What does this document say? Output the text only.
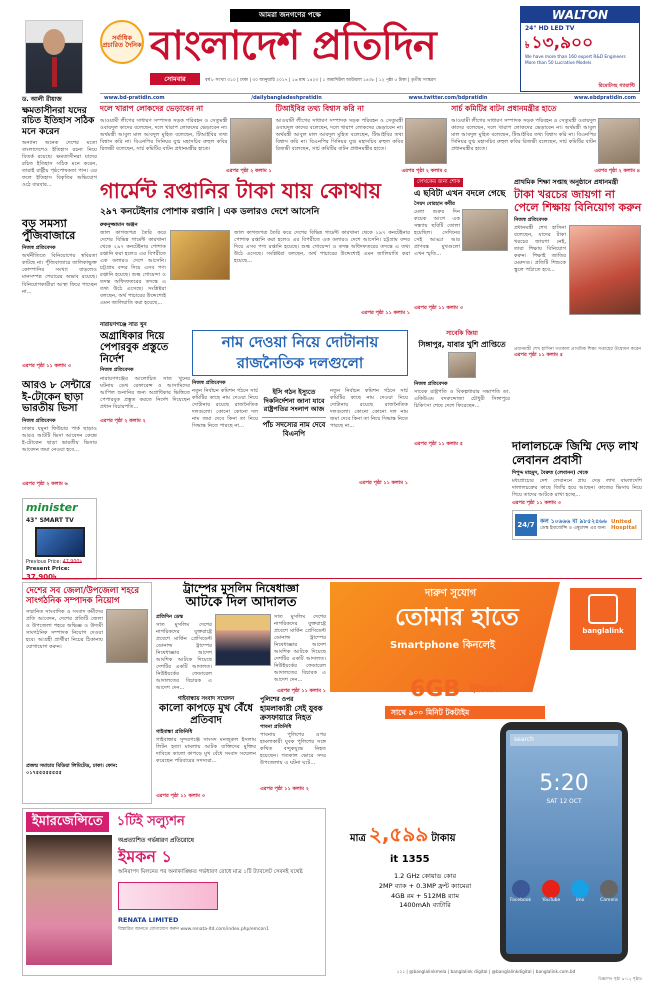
সর্বাধিক প্রচারিত দৈনিক
আমরা জনগণের পক্ষে
বাংলাদেশ প্রতিদিন
সোমবার	বর্ষ ৮ সংখ্যা ৩১০ | ঢাকা | ৩০ জানুয়ারি ২০১৭ | ১৬ মাঘ ১৪২৩ | ১ জমাদিউল আউয়াল ১৪৩৮ | ১২ পৃষ্ঠা ৫ টাকা | তৃতীয় সংস্করণ
WALTON
24" HD LED TV
৳ ১৩,৯০০
We have more than 160 expert R&D Engineers
More than 50 Lucrative Models
রিমোটসহ গ্যারান্টি
www.bd-pratidin.com	/dailybangladeshpratidin	www.twitter.com/bdpratidin	www.ebdpratidin.com
ড. আলী রীয়াজ
ক্ষমতাসীনরা যদের রচিত ইতিহাস সঠিক মনে করেন
অন্যান্য অনেক দেশের মতো বাংলাদেশেও ইতিহাস রচনা নিয়ে বিতর্ক রয়েছে। ক্ষমতাসীনরা যাদের রচিত ইতিহাস সঠিক মনে করেন, তারাই রাষ্ট্রীয় পৃষ্ঠপোষকতা পান। এর ফলে ইতিহাস বিকৃতির অভিযোগ ওঠে বারবার...
দলে খারাপ লোকদের ভেড়াবেন না	টিআইবির তথ্য বিশ্বাস করি না	সার্চ কমিটির বাটন প্রধানমন্ত্রীর হাতে
আওয়ামী লীগের সাধারণ সম্পাদক সড়ক পরিবহন ও সেতুমন্ত্রী ওবায়দুল কাদের বলেছেন, দলে খারাপ লোকদের ভেড়াবেন না। অর্থমন্ত্রী আবুল মাল আবদুল মুহিত বলেছেন, টিআইবির তথ্য বিশ্বাস করি না। বিএনপির সিনিয়র যুগ্ম মহাসচিব রুহুল কবির রিজভী বলেছেন, সার্চ কমিটির বাটন প্রধানমন্ত্রীর হাতে।
আওয়ামী লীগের সাধারণ সম্পাদক সড়ক পরিবহন ও সেতুমন্ত্রী ওবায়দুল কাদের বলেছেন, দলে খারাপ লোকদের ভেড়াবেন না। অর্থমন্ত্রী আবুল মাল আবদুল মুহিত বলেছেন, টিআইবির তথ্য বিশ্বাস করি না। বিএনপির সিনিয়র যুগ্ম মহাসচিব রুহুল কবির রিজভী বলেছেন, সার্চ কমিটির বাটন প্রধানমন্ত্রীর হাতে।
আওয়ামী লীগের সাধারণ সম্পাদক সড়ক পরিবহন ও সেতুমন্ত্রী ওবায়দুল কাদের বলেছেন, দলে খারাপ লোকদের ভেড়াবেন না। অর্থমন্ত্রী আবুল মাল আবদুল মুহিত বলেছেন, টিআইবির তথ্য বিশ্বাস করি না। বিএনপির সিনিয়র যুগ্ম মহাসচিব রুহুল কবির রিজভী বলেছেন, সার্চ কমিটির বাটন প্রধানমন্ত্রীর হাতে।
এরপর পৃষ্ঠা ২ কলাম ১	এরপর পৃষ্ঠা ২ কলাম ৫	এরপর পৃষ্ঠা ২ কলাম ৪
বড় সমস্যা পুঁজিবাজারে
নিজস্ব প্রতিবেদক
অর্থনীতিতে বিনিয়োগের স্থবিরতা কাটছে না। পুঁজিবাজারে তালিকাভুক্ত কোম্পানির সংখ্যা বাড়লেও মানসম্পন্ন শেয়ারের অভাব রয়েছে। বিনিয়োগকারীরা আস্থা ফিরে পাচ্ছেন না...
এরপর পৃষ্ঠা ১১ কলাম ৩
আরও ৮ সেন্টারে ই-টোকেন ছাড়া ভারতীয় ভিসা
নিজস্ব প্রতিবেদক
ঢাকার যমুনা ফিউচার পার্ক ছাড়াও আরও আটটি ভিসা আবেদন কেন্দ্রে ই-টোকেন ছাড়া ভারতীয় ভিসার আবেদন জমা নেওয়া হবে...
এরপর পৃষ্ঠা ২ কলাম ৬
minister
43" SMART TV
Previous Price: 47,900৳
Present Price:
গার্মেন্ট রপ্তানির টাকা যায় কোথায়
২৯৭ কনটেইনার পোশাক রপ্তানি | এক ডলারও দেশে আসেনি
রুকনুজ্জামান অঞ্জন
জাল কাগজপত্র তৈরি করে দেশের বিভিন্ন গার্মেন্ট কারখানা থেকে ২৯৭ কনটেইনার পোশাক রপ্তানি করা হলেও এর বিপরীতে এক ডলারও দেশে আসেনি। চট্টগ্রাম বন্দর দিয়ে এসব পণ্য রপ্তানি হয়েছে। শুল্ক গোয়েন্দা ও তদন্ত অধিদফতরের তদন্তে এ তথ্য উঠে এসেছে। সংশ্লিষ্টরা বলছেন, অর্থ পাচারের উদ্দেশ্যেই এমন জালিয়াতি করা হয়েছে...
জাল কাগজপত্র তৈরি করে দেশের বিভিন্ন গার্মেন্ট কারখানা থেকে ২৯৭ কনটেইনার পোশাক রপ্তানি করা হলেও এর বিপরীতে এক ডলারও দেশে আসেনি। চট্টগ্রাম বন্দর দিয়ে এসব পণ্য রপ্তানি হয়েছে। শুল্ক গোয়েন্দা ও তদন্ত অধিদফতরের তদন্তে এ তথ্য উঠে এসেছে। সংশ্লিষ্টরা বলছেন, অর্থ পাচারের উদ্দেশ্যেই এমন জালিয়াতি করা হয়েছে...
এরপর পৃষ্ঠা ১১ কলাম ১
নারায়ণগঞ্জে সাত খুন
অগ্রাধিকার দিয়ে পেপারবুক প্রস্তুতে নির্দেশ
নিজস্ব প্রতিবেদক
নারায়ণগঞ্জের আলোচিত সাত খুনের ঘটনায় ডেথ রেফারেন্স ও আসামিদের আপিল শুনানির জন্য অগ্রাধিকার ভিত্তিতে পেপারবুক প্রস্তুত করতে নির্দেশ দিয়েছেন প্রধান বিচারপতি...
এরপর পৃষ্ঠা ২ কলাম ২
নাম দেওয়া নিয়ে দোটানায় রাজনৈতিক দলগুলো
নিজস্ব প্রতিবেদক
নতুন নির্বাচন কমিশন গঠনে সার্চ কমিটির কাছে নাম দেওয়া নিয়ে দোটানায় রয়েছে রাজনৈতিক দলগুলো। কোনো কোনো দল নাম জমা দেবে কিনা তা নিয়ে সিদ্ধান্ত নিতে পারছে না...
ইসি গঠন ইস্যুতে দিকনির্দেশনা জানা যাবে রাষ্ট্রপতির সংলাপ আজ
পাঁচ সদস্যের নাম দেবে বিএনপি
নতুন নির্বাচন কমিশন গঠনে সার্চ কমিটির কাছে নাম দেওয়া নিয়ে দোটানায় রয়েছে রাজনৈতিক দলগুলো। কোনো কোনো দল নাম জমা দেবে কিনা তা নিয়ে সিদ্ধান্ত নিতে পারছে না...
এরপর পৃষ্ঠা ১১ কলাম ১
লেখকের জন্য শোক
এ ছবিটা এখন বদলে গেছে
সৈয়দ বোরহান কবীর
মেলা শুরুর দিন কয়েক আগে এক সন্ধ্যায় ছবিটি তোলা হয়েছিল। সেদিনের সেই আড্ডা আর প্রাণবন্ত মুখগুলো এখন স্মৃতি...
এরপর পৃষ্ঠা ১১ কলাম ৩
সাবেকি জিয়া
সিঙ্গাপুর, যাবার খুশি প্রাপ্তিতে
নিজস্ব প্রতিবেদক
সাবেক রাষ্ট্রপতি ও বিকল্পধারার সভাপতি ডা. একিউএম বদরুদ্দোজা চৌধুরী সিঙ্গাপুরে চিকিৎসা শেষে দেশে ফিরেছেন...
এরপর পৃষ্ঠা ১১ কলাম ৫
প্রাথমিক শিক্ষা সপ্তাহ অনুষ্ঠানে প্রধানমন্ত্রী
টাকা খরচের জায়গা না পেলে শিক্ষায় বিনিয়োগ করুন
নিজস্ব প্রতিবেদক
প্রধানমন্ত্রী শেখ হাসিনা বলেছেন, যাদের টাকা খরচের জায়গা নেই, তারা শিক্ষায় বিনিয়োগ করুন। শিক্ষাই জাতির মেরুদণ্ড। প্রতিটি শিশুকে স্কুলে পাঠাতে হবে...
প্রধানমন্ত্রী শেখ হাসিনা গতকাল প্রাথমিক শিক্ষা সপ্তাহের উদ্বোধন করেন
এরপর পৃষ্ঠা ১১ কলাম ৫
দালালচক্রে জিম্মি দেড় লাখ লেবানন প্রবাসী
দিপুদ্দ মাহমুদ, বৈরুত (লেবানন) থেকে
মধ্যপ্রাচ্যের দেশ লেবাননে প্রায় দেড় লাখ বাংলাদেশি দালালচক্রের কাছে জিম্মি হয়ে আছেন। কাজের ভিসায় নিয়ে গিয়ে তাদের আটকে রাখা হচ্ছে...
এরপর পৃষ্ঠা ১১ কলাম ৩
24/7 কল ১০৬৬৬ বা ৯৮৫২৪৬৬
ডেস্ক ইমার্জেন্সি ও এম্বুলেন্স এর জন্য
United Hospital
দেশের সব জেলা/উপজেলা শহরে সাংগঠনিক সম্পাদক নিয়োগ
সম্মানিত সাংবাদিক ও সংবাদ কর্মীদের প্রতি আবেদন, দেশের প্রতিটি জেলা ও উপজেলা শহরে অভিজ্ঞ ও উদ্যমী সাংগঠনিক সম্পাদক নিয়োগ দেওয়া হবে। আগ্রহী প্রার্থীরা নিচের ঠিকানায় যোগাযোগ করুন।
প্রজন্ম সমাচার মিডিয়া লিমিটেড, ঢাকা। ফোন: ০১৭৫৫৫৫৫৫৫৫
ট্রাম্পের মুসলিম নিষেধাজ্ঞা
আটকে দিল আদালত
প্রতিদিন ডেস্ক
সাত মুসলিম দেশের নাগরিকদের যুক্তরাষ্ট্রে প্রবেশে মার্কিন প্রেসিডেন্ট ডোনাল্ড ট্রাম্পের নিষেধাজ্ঞার আদেশ আংশিক আটকে দিয়েছে দেশটির একটি আদালত। নিউইয়র্কের ফেডারেল আদালতের বিচারক এ আদেশ দেন...
সাত মুসলিম দেশের নাগরিকদের যুক্তরাষ্ট্রে প্রবেশে মার্কিন প্রেসিডেন্ট ডোনাল্ড ট্রাম্পের নিষেধাজ্ঞার আদেশ আংশিক আটকে দিয়েছে দেশটির একটি আদালত। নিউইয়র্কের ফেডারেল আদালতের বিচারক এ আদেশ দেন...
এরপর পৃষ্ঠা ১১ কলাম ১
গাইবান্ধায় সংবাদ সম্মেলন
কালো কাপড়ে মুখ বেঁধে প্রতিবাদ
গাইবান্ধা প্রতিনিধি
গাইবান্ধার সুন্দরগঞ্জে সাংসদ মনজুরুল ইসলাম লিটন হত্যা মামলায় আটক ব্যক্তিদের মুক্তির দাবিতে কালো কাপড়ে মুখ বেঁধে সংবাদ সম্মেলন করেছেন পরিবারের সদস্যরা...
এরপর পৃষ্ঠা ১১ কলাম ৩
পুলিশের ওপর
হামলাকারী সেই যুবক ক্রসফায়ারে নিহত
পাবনা প্রতিনিধি
পাবনায় পুলিশের ওপর হামলাকারী যুবক পুলিশের সঙ্গে কথিত বন্দুকযুদ্ধে নিহত হয়েছেন। গতকাল ভোরে সদর উপজেলায় এ ঘটনা ঘটে...
এরপর পৃষ্ঠা ১১ কলাম ২
দারুণ সুযোগ
তোমার হাতে
Smartphone কিনলেই
banglalink
6GB ইন্টারনেট
সাথে ৯০০ মিনিট টকটাইম
search
5:20
SAT 12 OCT
Facebook YouTube	imo	Camera
মাত্র ২,৫৯৯ টাকায়
it 1355
1.2 GHz কোয়াড কোর
2MP ব্যাক + 0.3MP ফ্রন্ট ক্যামেরা
4GB রম + 512MB র‍্যাম
1400mAh ব্যাটারি
১২১ | @banglalinkmela | banglalink digital | @banglalinkdigital | banglalink.com.bd
ইমারজেন্সিতে	১টিই সল্যুশন
অপ্রত্যাশিত গর্ভধারণ প্রতিরোধে
ইমকন ১
অনিরাপদ মিলনের পর অনাকাঙ্ক্ষিত গর্ভধারণ রোধে মাত্র ১টি ট্যাবলেট সেবনই যথেষ্ট
RENATA LIMITED
বিস্তারিত জানতে যোগাযোগ করুন www.renata-ltd.com/index.php/emcon1
বিজ্ঞাপন পৃষ্ঠা ৯-১২ পৃষ্ঠায়
